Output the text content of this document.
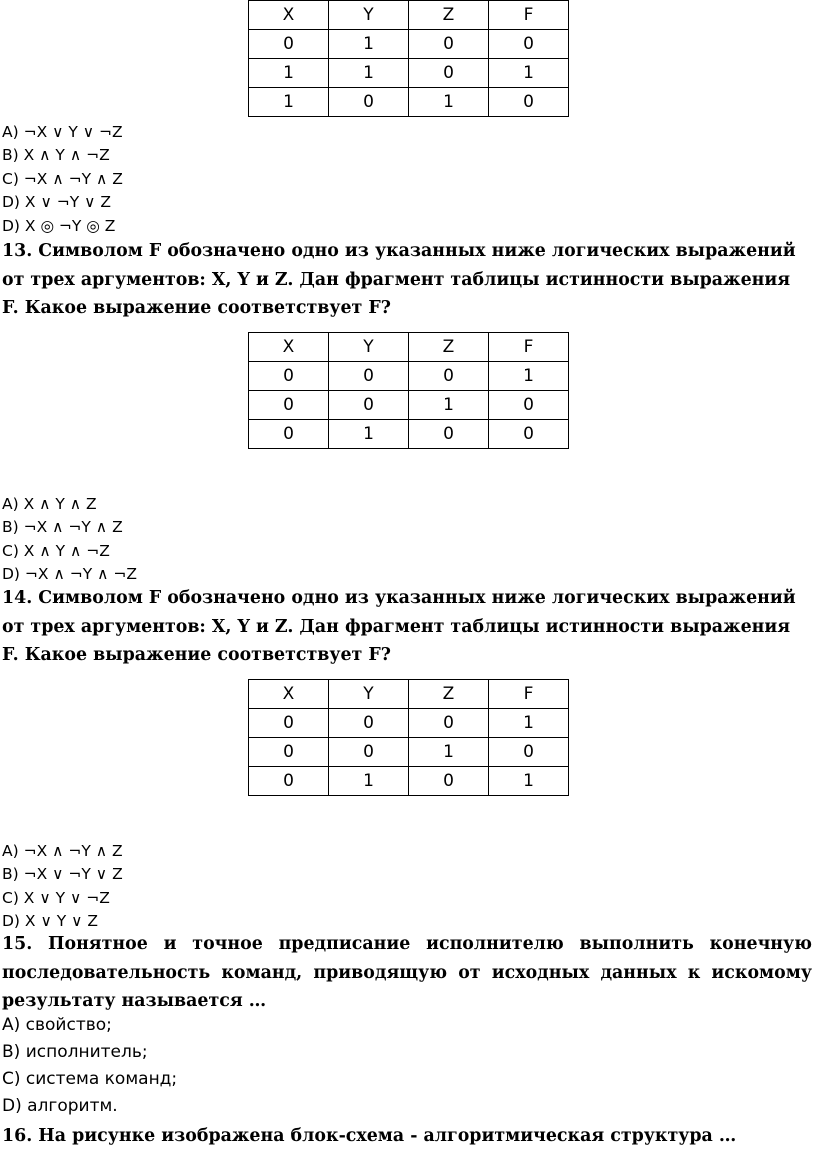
X	Y	Z	F
0	1	0	0
1	1	0	1
1	0	1	0
A) ¬X ∨ Y ∨ ¬Z
B) X ∧ Y ∧ ¬Z
C) ¬X ∧ ¬Y ∧ Z
D) X ∨ ¬Y ∨ Z
D) X ◎ ¬Y ◎ Z

13. Символом F обозначено одно из указанных ниже логических выражений от трех аргументов: X, Y и Z. Дан фрагмент таблицы истинности выражения F. Какое выражение соответствует F?

X	Y	Z	F
0	0	0	1
0	0	1	0
0	1	0	0
A) X ∧ Y ∧ Z
B) ¬X ∧ ¬Y ∧ Z
C) X ∧ Y ∧ ¬Z
D) ¬X ∧ ¬Y ∧ ¬Z

14. Символом F обозначено одно из указанных ниже логических выражений от трех аргументов: X, Y и Z. Дан фрагмент таблицы истинности выражения F. Какое выражение соответствует F?

X	Y	Z	F
0	0	0	1
0	0	1	0
0	1	0	1
A) ¬X ∧ ¬Y ∧ Z
B) ¬X ∨ ¬Y ∨ Z
C) X ∨ Y ∨ ¬Z
D) X ∨ Y ∨ Z

15. Понятное и точное предписание исполнителю выполнить конечную последовательность команд, приводящую от исходных данных к искомому результату называется …

A) свойство;
B) исполнитель;
C) система команд;
D) алгоритм.

16. На рисунке изображена блок-схема - алгоритмическая структура …
